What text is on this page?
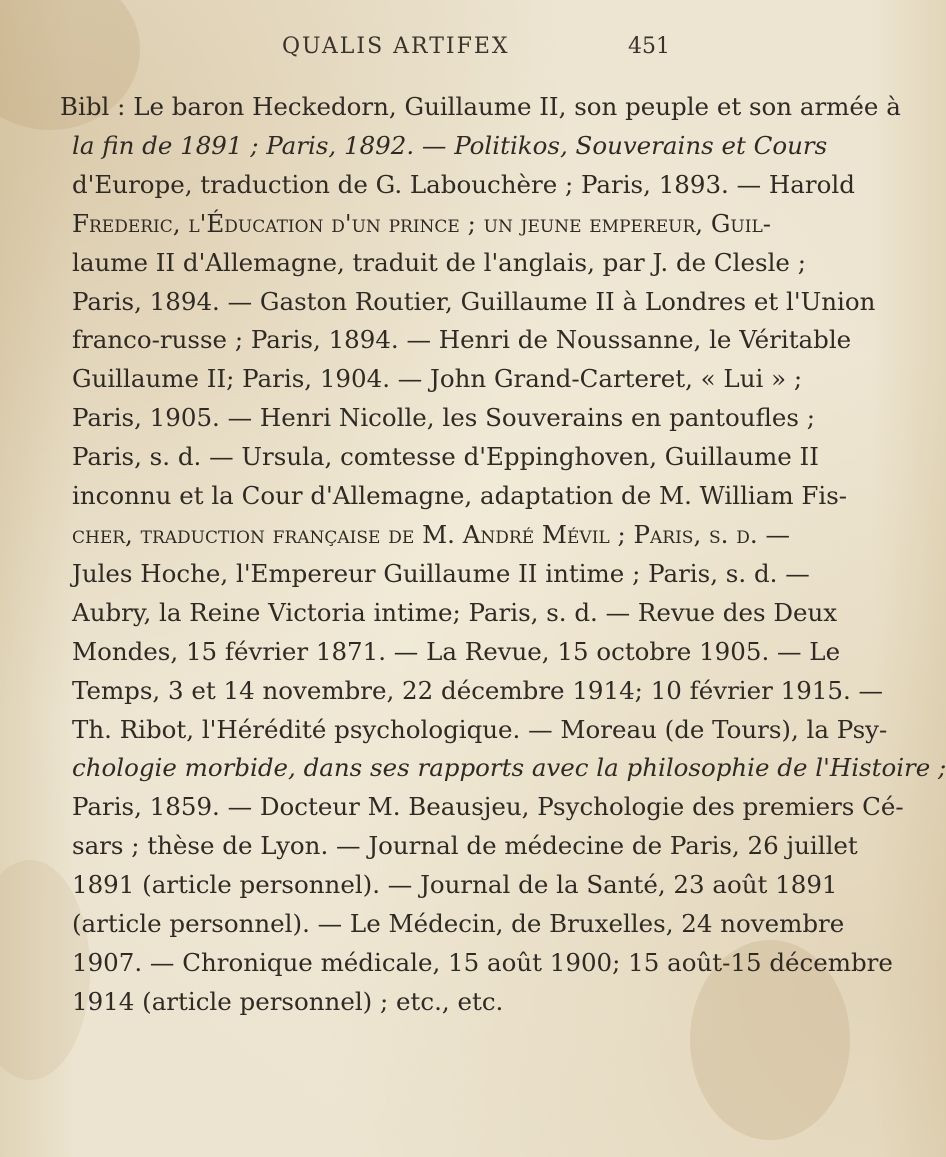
QUALIS ARTIFEX	451
Bibl : Le baron Heckedorn, Guillaume II, son peuple et son armée à
la fin de 1891 ; Paris, 1892. — Politikos, Souverains et Cours
d'Europe, traduction de G. Labouchère ; Paris, 1893. — Harold
Frederic, l'Éducation d'un prince ; un jeune empereur, Guil-
laume II d'Allemagne, traduit de l'anglais, par J. de Clesle ;
Paris, 1894. — Gaston Routier, Guillaume II à Londres et l'Union
franco-russe ; Paris, 1894. — Henri de Noussanne, le Véritable
Guillaume II; Paris, 1904. — John Grand-Carteret, « Lui » ;
Paris, 1905. — Henri Nicolle, les Souverains en pantoufles ;
Paris, s. d. — Ursula, comtesse d'Eppinghoven, Guillaume II
inconnu et la Cour d'Allemagne, adaptation de M. William Fis-
cher, traduction française de M. André Mévil ; Paris, s. d. —
Jules Hoche, l'Empereur Guillaume II intime ; Paris, s. d. —
Aubry, la Reine Victoria intime; Paris, s. d. — Revue des Deux
Mondes, 15 février 1871. — La Revue, 15 octobre 1905. — Le
Temps, 3 et 14 novembre, 22 décembre 1914; 10 février 1915. —
Th. Ribot, l'Hérédité psychologique. — Moreau (de Tours), la Psy-
chologie morbide, dans ses rapports avec la philosophie de l'Histoire ;
Paris, 1859. — Docteur M. Beausjeu, Psychologie des premiers Cé-
sars ; thèse de Lyon. — Journal de médecine de Paris, 26 juillet
1891 (article personnel). — Journal de la Santé, 23 août 1891
(article personnel). — Le Médecin, de Bruxelles, 24 novembre
1907. — Chronique médicale, 15 août 1900; 15 août-15 décembre
1914 (article personnel) ; etc., etc.
